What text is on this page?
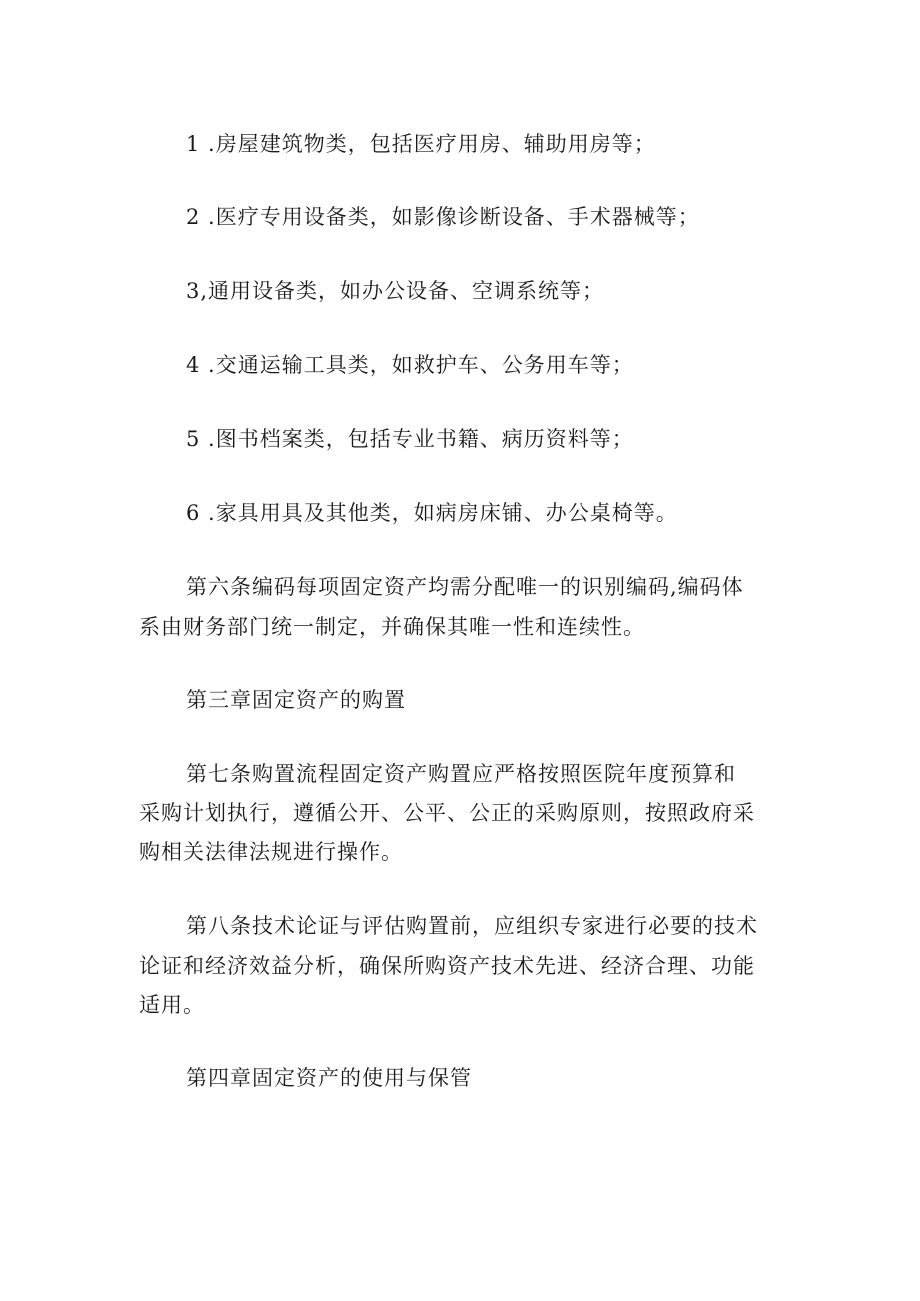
1 .房屋建筑物类，包括医疗用房、辅助用房等；
2 .医疗专用设备类，如影像诊断设备、手术器械等；
3,通用设备类，如办公设备、空调系统等；
4 .交通运输工具类，如救护车、公务用车等；
5 .图书档案类，包括专业书籍、病历资料等；
6 .家具用具及其他类，如病房床铺、办公桌椅等。
第六条编码每项固定资产均需分配唯一的识别编码,编码体
系由财务部门统一制定，并确保其唯一性和连续性。
第三章固定资产的购置
第七条购置流程固定资产购置应严格按照医院年度预算和
采购计划执行，遵循公开、公平、公正的采购原则，按照政府采
购相关法律法规进行操作。
第八条技术论证与评估购置前，应组织专家进行必要的技术
论证和经济效益分析，确保所购资产技术先进、经济合理、功能
适用。
第四章固定资产的使用与保管
